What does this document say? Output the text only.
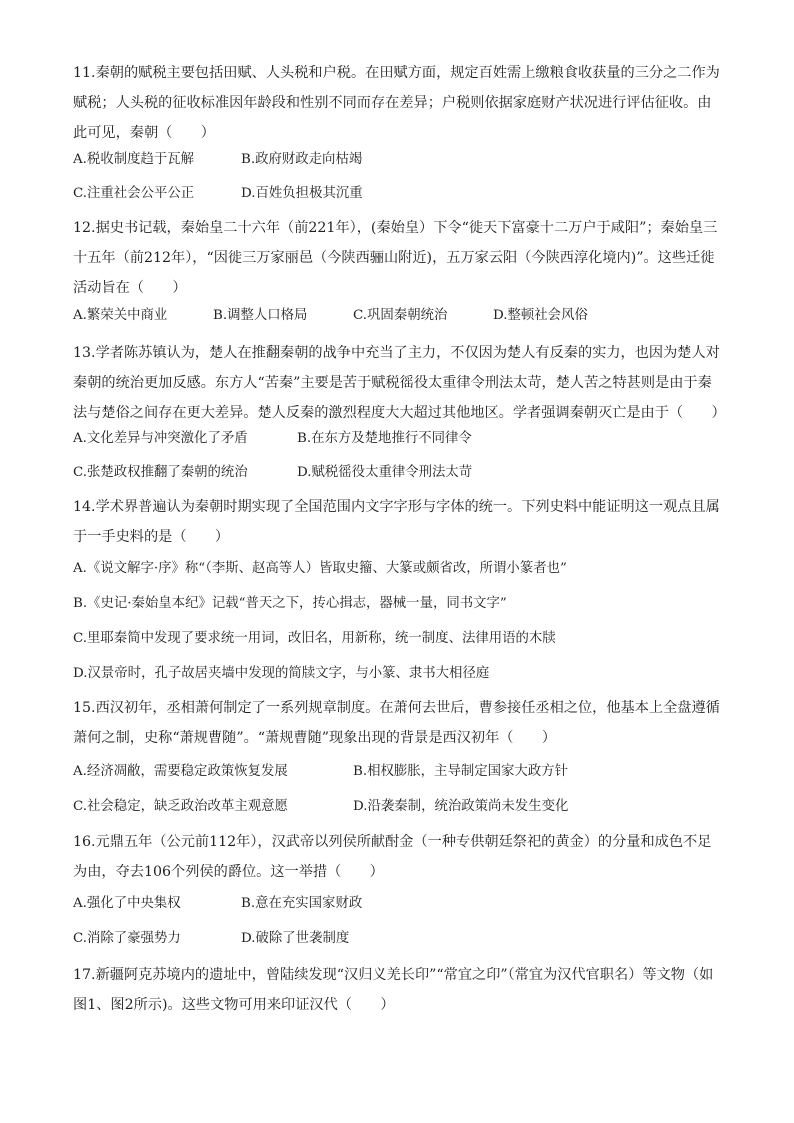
11.秦朝的赋税主要包括田赋、人头税和户税。在田赋方面，规定百姓需上缴粮食收获量的三分之二作为赋税；人头税的征收标准因年龄段和性别不同而存在差异；户税则依据家庭财产状况进行评估征收。由此可见，秦朝（　　）

A.税收制度趋于瓦解	B.政府财政走向枯竭
C.注重社会公平公正	D.百姓负担极其沉重

12.据史书记载，秦始皇二十六年（前221年），(秦始皇）下令“徙天下富豪十二万户于咸阳”；秦始皇三十五年（前212年），“因徙三万家丽邑（今陕西骊山附近)，五万家云阳（今陕西淳化境内)”。这些迁徙活动旨在（　　）

A.繁荣关中商业	B.调整人口格局	C.巩固秦朝统治	D.整顿社会风俗

13.学者陈苏镇认为，楚人在推翻秦朝的战争中充当了主力，不仅因为楚人有反秦的实力，也因为楚人对秦朝的统治更加反感。东方人“苦秦”主要是苦于赋税徭役太重律令刑法太苛，楚人苦之特甚则是由于秦法与楚俗之间存在更大差异。楚人反秦的激烈程度大大超过其他地区。学者强调秦朝灭亡是由于（　　）

A.文化差异与冲突激化了矛盾	B.在东方及楚地推行不同律令
C.张楚政权推翻了秦朝的统治	D.赋税徭役太重律令刑法太苛

14.学术界普遍认为秦朝时期实现了全国范围内文字字形与字体的统一。下列史料中能证明这一观点且属于一手史料的是（　　）

A.《说文解字·序》称“（李斯、赵高等人）皆取史籀、大篆或颇省改，所谓小篆者也”
B.《史记·秦始皇本纪》记载“普天之下，抟心揖志，器械一量，同书文字”
C.里耶秦简中发现了要求统一用词，改旧名，用新称，统一制度、法律用语的木牍
D.汉景帝时，孔子故居夹墙中发现的简牍文字，与小篆、隶书大相径庭

15.西汉初年，丞相萧何制定了一系列规章制度。在萧何去世后，曹参接任丞相之位，他基本上全盘遵循萧何之制，史称“萧规曹随”。“萧规曹随”现象出现的背景是西汉初年（　　）

A.经济凋敝，需要稳定政策恢复发展	B.相权膨胀，主导制定国家大政方针
C.社会稳定，缺乏政治改革主观意愿	D.沿袭秦制，统治政策尚未发生变化

16.元鼎五年（公元前112年），汉武帝以列侯所献酎金（一种专供朝廷祭祀的黄金）的分量和成色不足为由，夺去106个列侯的爵位。这一举措（　　）

A.强化了中央集权	B.意在充实国家财政
C.消除了豪强势力	D.破除了世袭制度

17.新疆阿克苏境内的遗址中，曾陆续发现“汉归义羌长印”“常宜之印”（常宜为汉代官职名）等文物（如图1、图2所示)。这些文物可用来印证汉代（　　）
